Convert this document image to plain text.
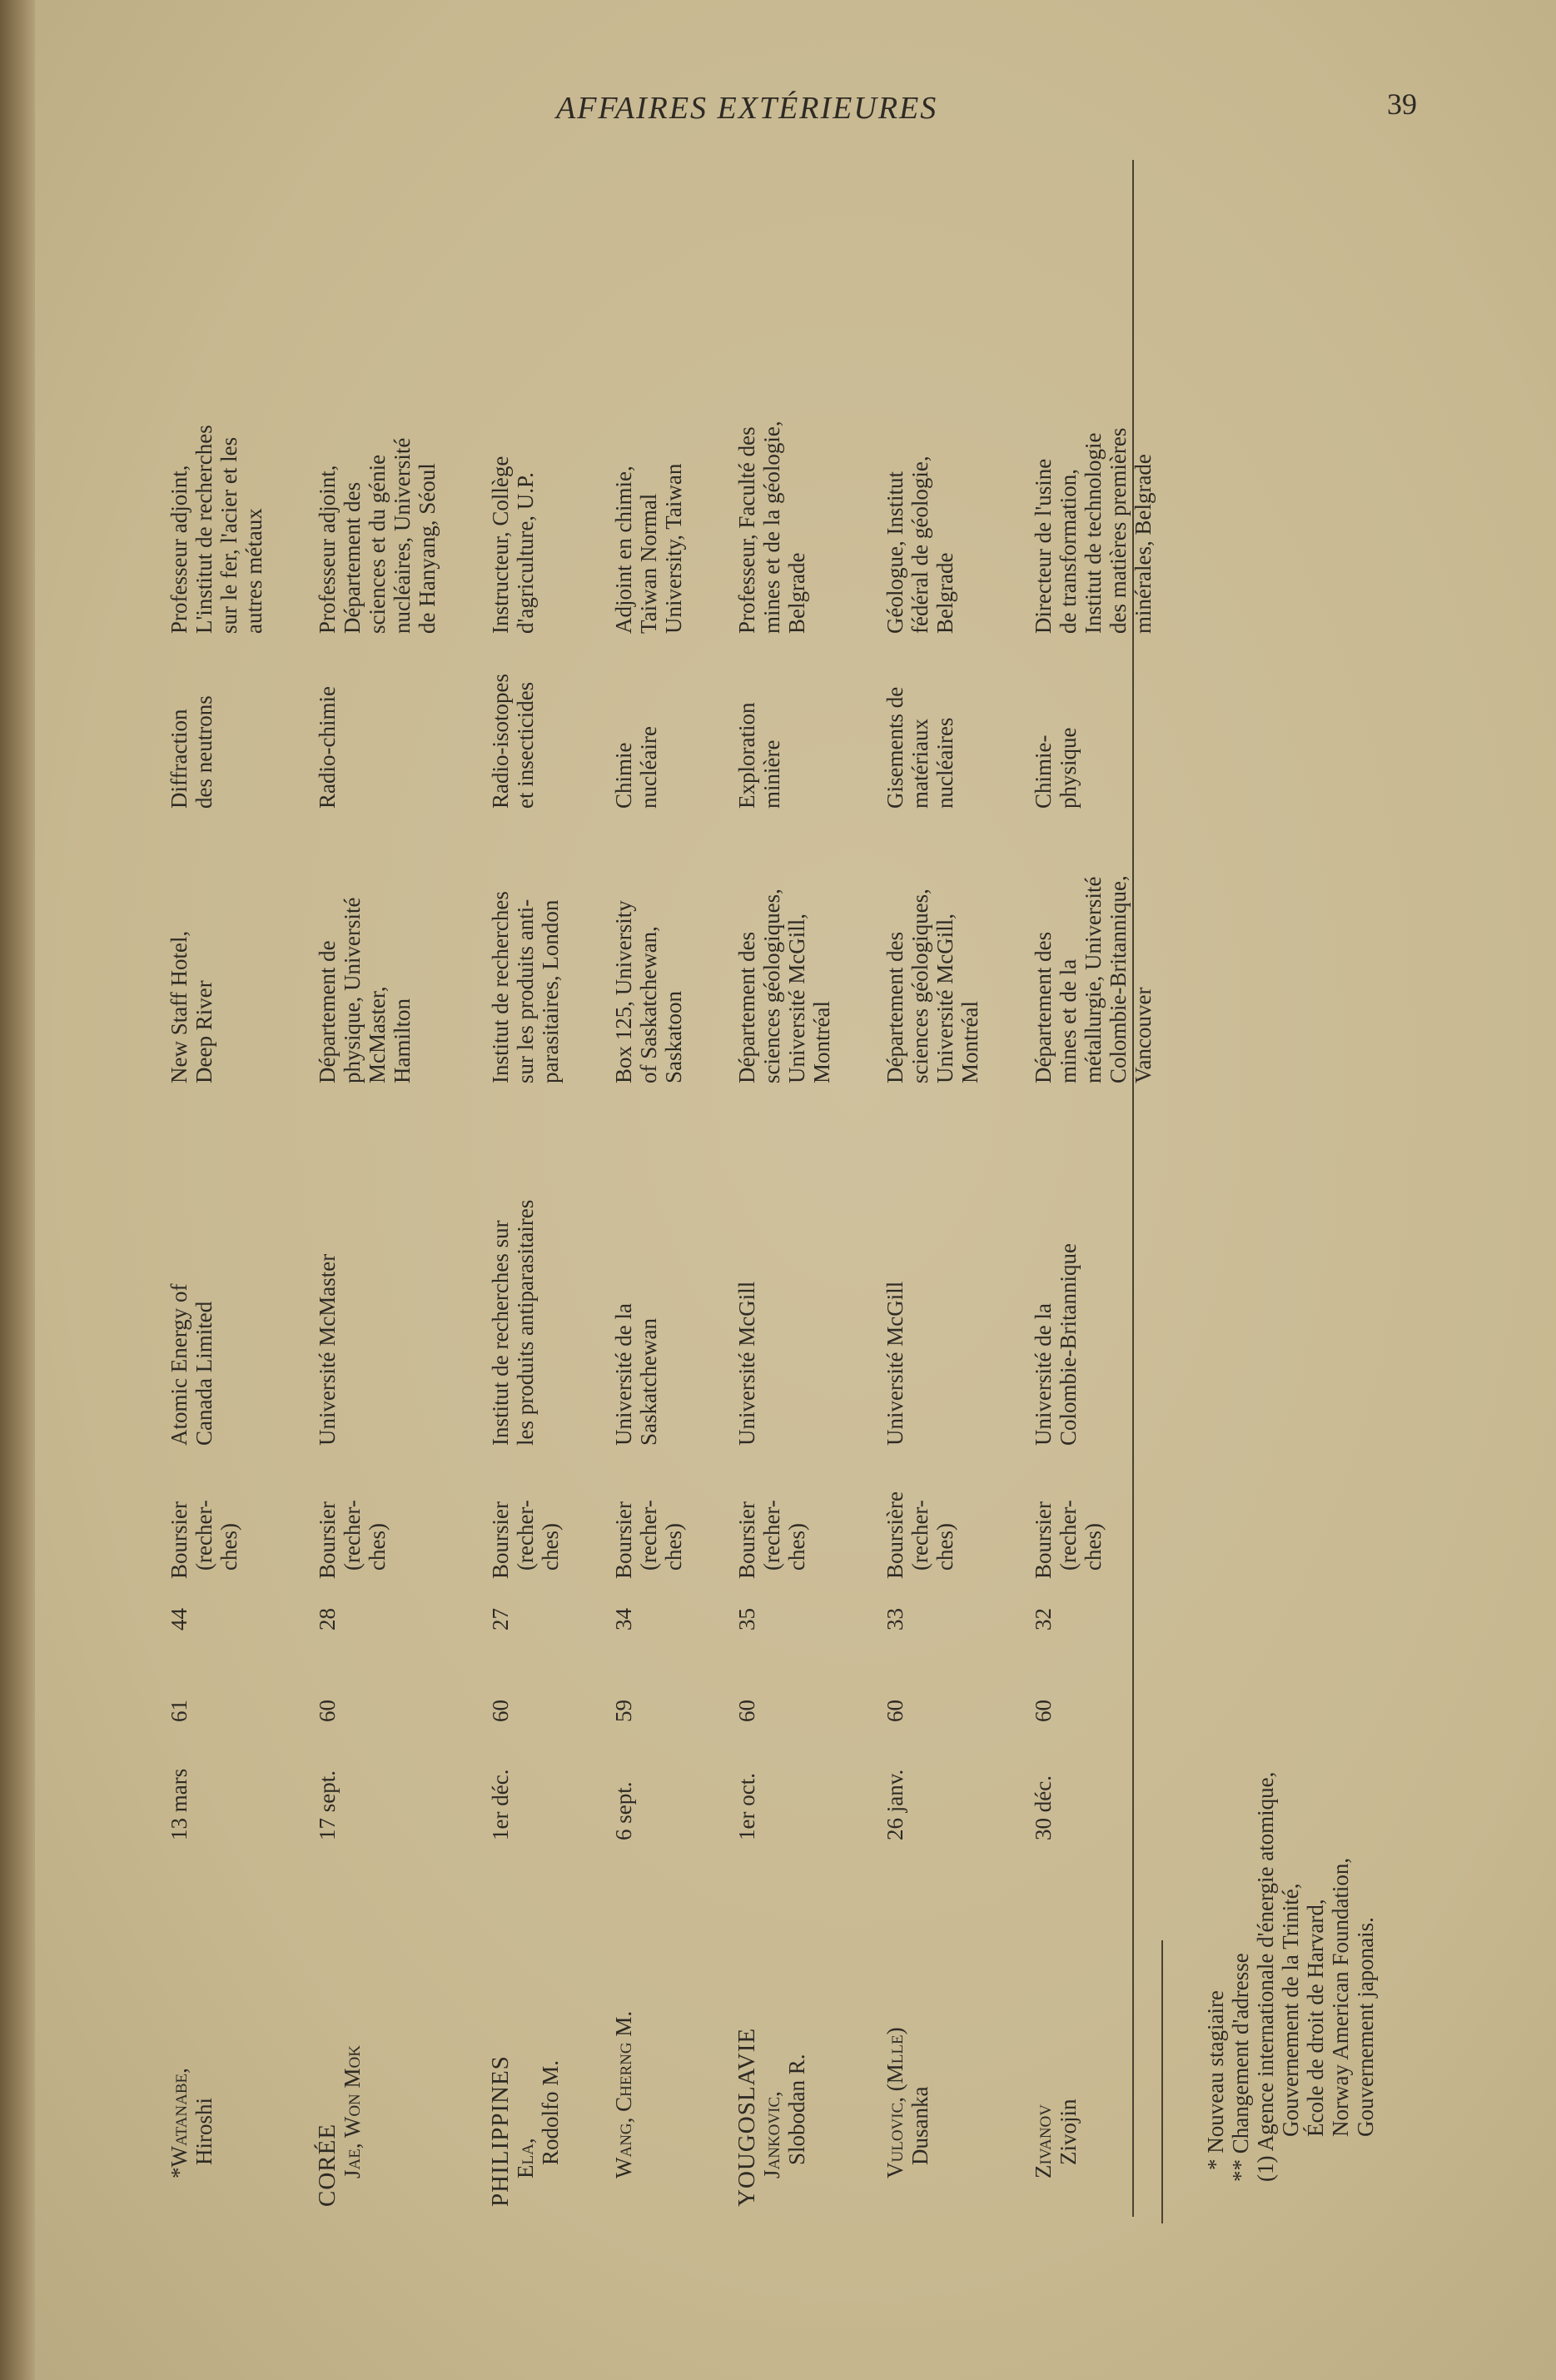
AFFAIRES EXTÉRIEURES	39
*Watanabe, Hiroshi
13 mars
61
44
Boursier (recher- ches)
Atomic Energy of Canada Limited
New Staff Hotel, Deep River
Diffraction des neutrons
Professeur adjoint, L'institut de recherches sur le fer, l'acier et les autres métaux
CORÉE Jae, Won Mok
17 sept.
60
28
Boursier (recher- ches)
Université McMaster
Département de physique, Université McMaster, Hamilton
Radio-chimie
Professeur adjoint, Département des sciences et du génie nucléaires, Université de Hanyang, Séoul
PHILIPPINES Ela, Rodolfo M.
1er déc.
60
27
Boursier (recher- ches)
Institut de recherches sur les produits antiparasitaires
Institut de recherches sur les produits anti- parasitaires, London
Radio-isotopes et insecticides
Instructeur, Collège d'agriculture, U.P.
Wang, Cherng M.
6 sept.
59
34
Boursier (recher- ches)
Université de la Saskatchewan
Box 125, University of Saskatchewan, Saskatoon
Chimie nucléaire
Adjoint en chimie, Taiwan Normal University, Taiwan
YOUGOSLAVIE Jankovic, Slobodan R.
1er oct.
60
35
Boursier (recher- ches)
Université McGill
Département des sciences géologiques, Université McGill, Montréal
Exploration minière
Professeur, Faculté des mines et de la géologie, Belgrade
Vulovic, (Mlle) Dusanka
26 janv.
60
33
Boursière (recher- ches)
Université McGill
Département des sciences géologiques, Université McGill, Montréal
Gisements de matériaux nucléaires
Géologue, Institut fédéral de géologie, Belgrade
Zivanov Zivojin
30 déc.
60
32
Boursier (recher- ches)
Université de la Colombie-Britannique
Département des mines et de la métallurgie, Université Colombie-Britannique, Vancouver
Chimie- physique
Directeur de l'usine de transformation, Institut de technologie des matières premières minérales, Belgrade
* Nouveau stagiaire ** Changement d'adresse (1) Agence internationale d'énergie atomique, Gouvernement de la Trinité, École de droit de Harvard, Norway American Foundation, Gouvernement japonais.
